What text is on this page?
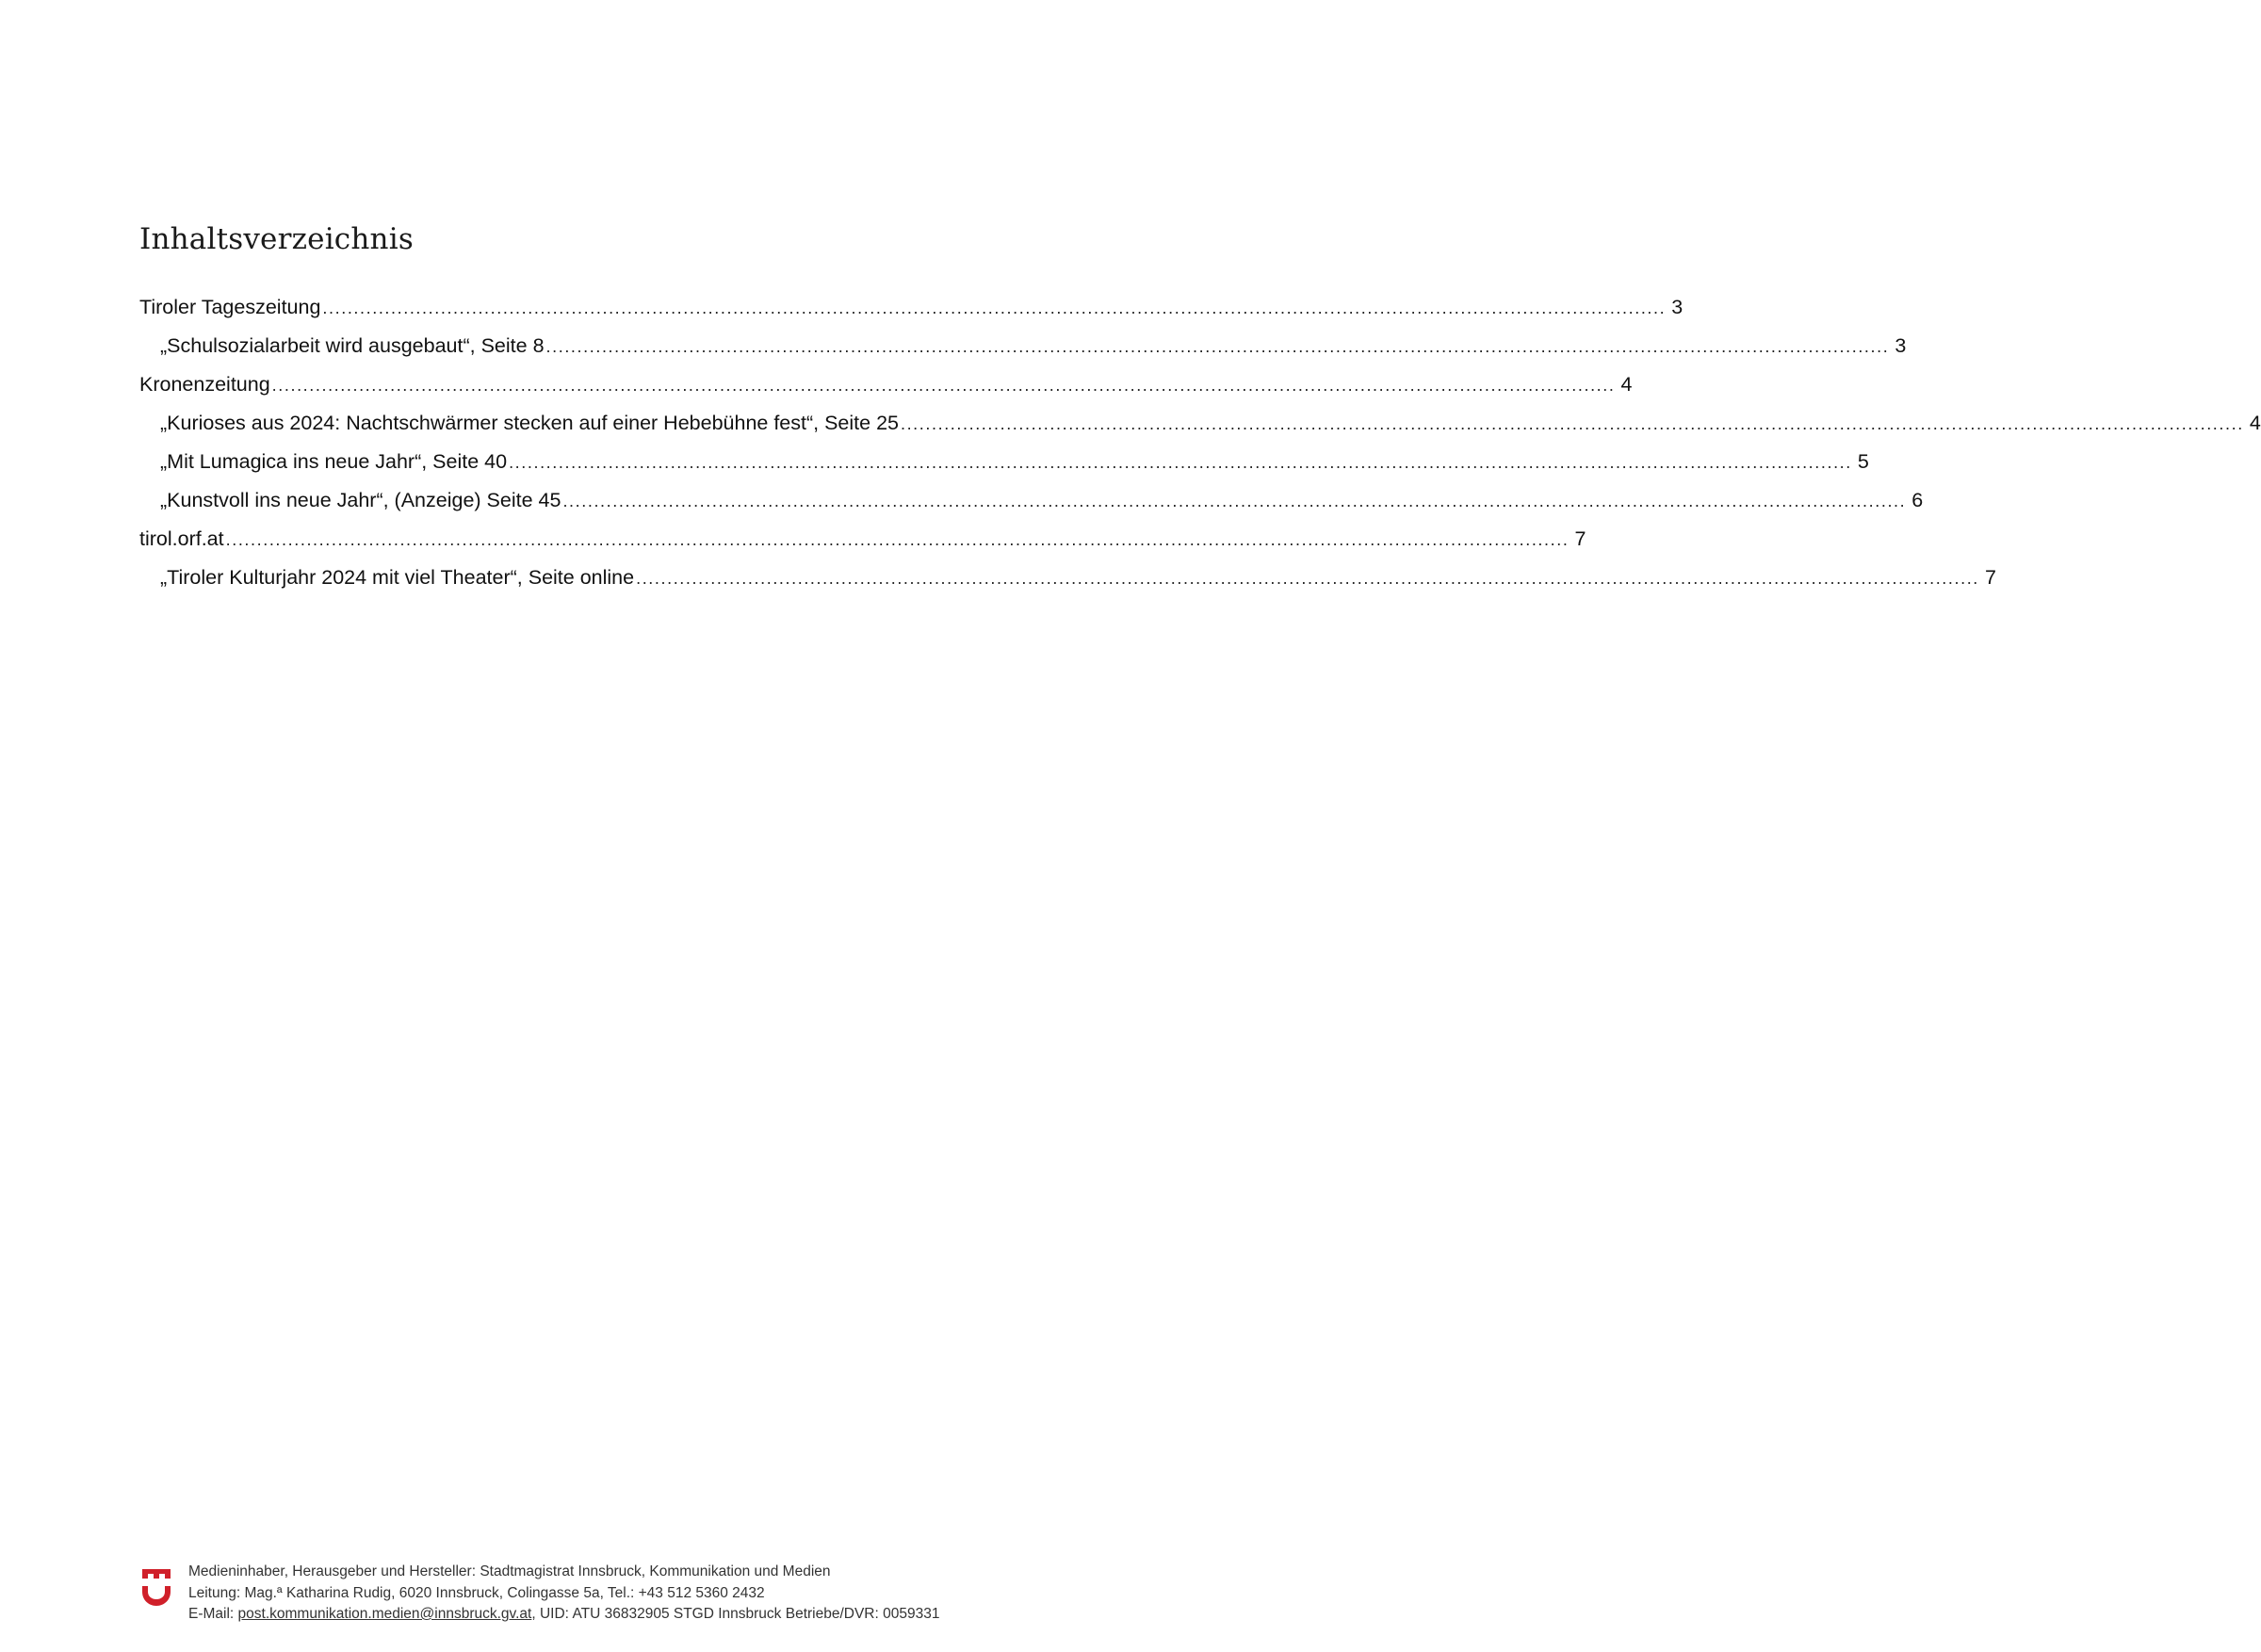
Inhaltsverzeichnis
Tiroler Tageszeitung ........................................................................................................................................................................................................................ 3
„Schulsozialarbeit wird ausgebaut“, Seite 8 ........................................................................................................................................................................................................................ 3
Kronenzeitung ........................................................................................................................................................................................................................ 4
„Kurioses aus 2024: Nachtschwärmer stecken auf einer Hebebühne fest“, Seite 25 ........................................................................................................................................................................................................................ 4
„Mit Lumagica ins neue Jahr“, Seite 40 ........................................................................................................................................................................................................................ 5
„Kunstvoll ins neue Jahr“, (Anzeige) Seite 45 ........................................................................................................................................................................................................................ 6
tirol.orf.at ........................................................................................................................................................................................................................ 7
„Tiroler Kulturjahr 2024 mit viel Theater“, Seite online ........................................................................................................................................................................................................................ 7
Medieninhaber, Herausgeber und Hersteller: Stadtmagistrat Innsbruck, Kommunikation und Medien
Leitung: Mag.ª Katharina Rudig, 6020 Innsbruck, Colingasse 5a, Tel.: +43 512 5360 2432
E-Mail: post.kommunikation.medien@innsbruck.gv.at, UID: ATU 36832905 STGD Innsbruck Betriebe/DVR: 0059331
